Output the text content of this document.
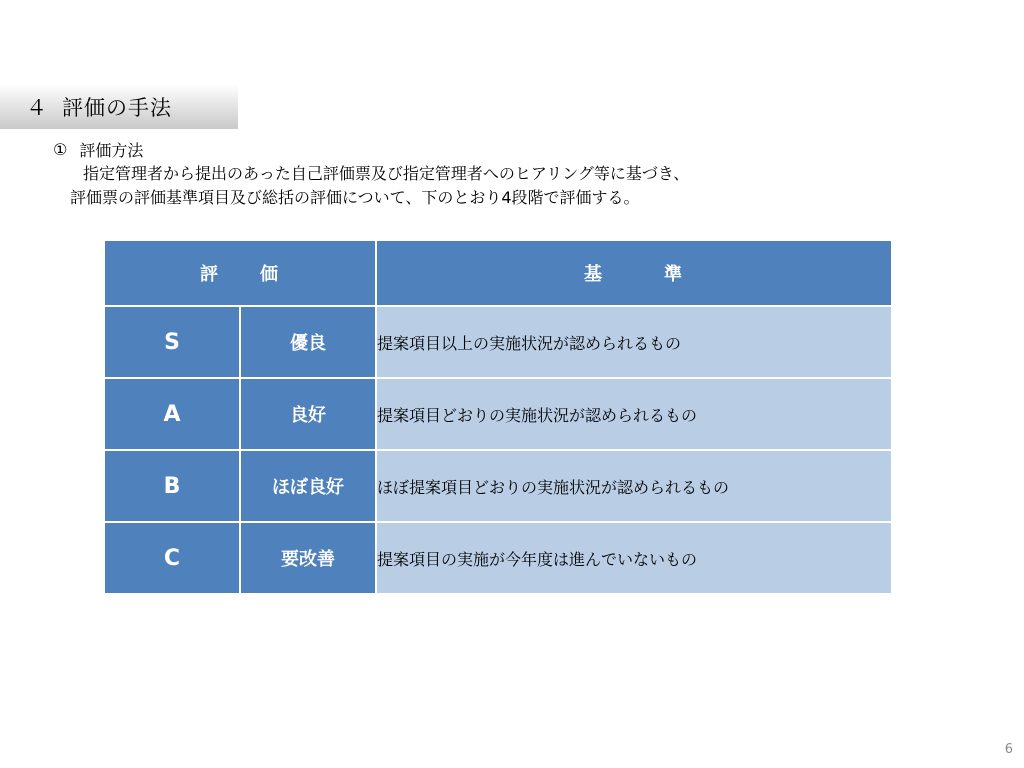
４ 評価の手法
① 評価方法
指定管理者から提出のあった自己評価票及び指定管理者へのヒアリング等に基づき、
評価票の評価基準項目及び総括の評価について、下のとおり4段階で評価する。
評　　価		基　　　準
S	優良	提案項目以上の実施状況が認められるもの
A	良好	提案項目どおりの実施状況が認められるもの
B	ほぼ良好	ほぼ提案項目どおりの実施状況が認められるもの
C	要改善	提案項目の実施が今年度は進んでいないもの
6
